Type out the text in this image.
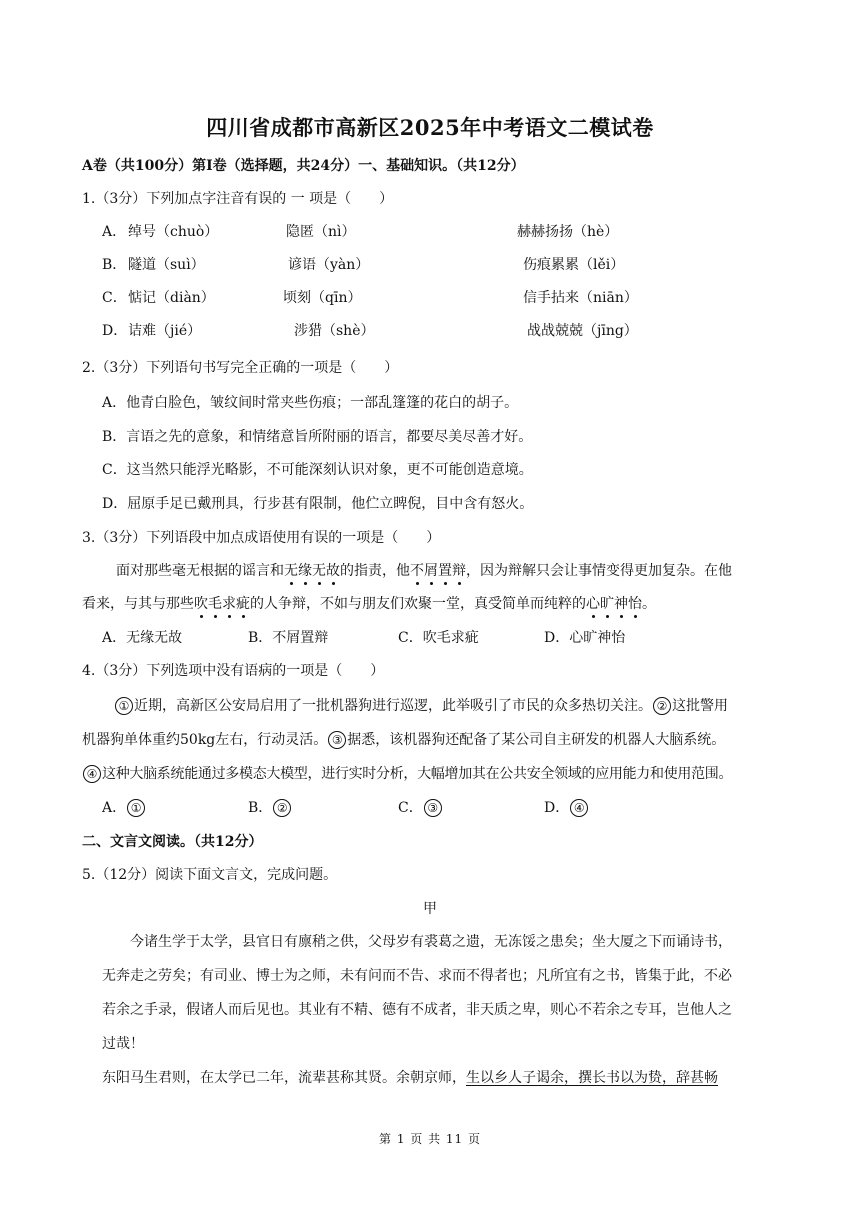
四川省成都市高新区2025年中考语文二模试卷
A卷（共100分）第Ⅰ卷（选择题，共24分）一、基础知识。（共12分）
1.（3分）下列加点字注音有误的 一 项是（　　）
A． 绰号（chuò）	隐匿（nì）	赫赫扬扬（hè）
B． 隧道（suì）	谚语（yàn）	伤痕累累（lěi）
C． 惦记（diàn）	顷刻（qīn）	信手拈来（niān）
D． 诘难（jié）	涉猎（shè）	战战兢兢（jīng）
2.（3分）下列语句书写完全正确的一项是（　　）
A．他青白脸色，皱纹间时常夹些伤痕；一部乱篷篷的花白的胡子。
B．言语之先的意象，和情绪意旨所附丽的语言，都要尽美尽善才好。
C．这当然只能浮光略影，不可能深刻认识对象，更不可能创造意境。
D．屈原手足已戴刑具，行步甚有限制，他伫立睥倪，目中含有怒火。
3.（3分）下列语段中加点成语使用有误的一项是（　　）
面对那些毫无根据的谣言和无缘无故的指责，他不屑置辩，因为辩解只会让事情变得更加复杂。在他
看来，与其与那些吹毛求疵的人争辩，不如与朋友们欢聚一堂，真受简单而纯粹的心旷神怡。
A．无缘无故	B．不屑置辩	C．吹毛求疵	D．心旷神怡
4.（3分）下列选项中没有语病的一项是（　　）
① 近期，高新区公安局启用了一批机器狗进行巡逻，此举吸引了市民的众多热切关注。 ② 这批警用
机器狗单体重约50kg左右，行动灵活。 ③ 据悉，该机器狗还配备了某公司自主研发的机器人大脑系统。
④ 这种大脑系统能通过多模态大模型，进行实时分析，大幅增加其在公共安全领域的应用能力和使用范围。
A． ①	B． ②	C． ③	D． ④
二、文言文阅读。（共12分）
5.（12分）阅读下面文言文，完成问题。
甲
今诸生学于太学，县官日有廪稍之供，父母岁有裘葛之遗，无冻馁之患矣；坐大厦之下而诵诗书，
无奔走之劳矣；有司业、博士为之师，未有问而不告、求而不得者也；凡所宜有之书，皆集于此，不必
若余之手录，假诸人而后见也。其业有不精、德有不成者，非天质之卑，则心不若余之专耳，岂他人之
过哉！
东阳马生君则，在太学已二年，流辈甚称其贤。余朝京师，生以乡人子谒余，撰长书以为贽，辞甚畅
第 1 页 共 11 页
